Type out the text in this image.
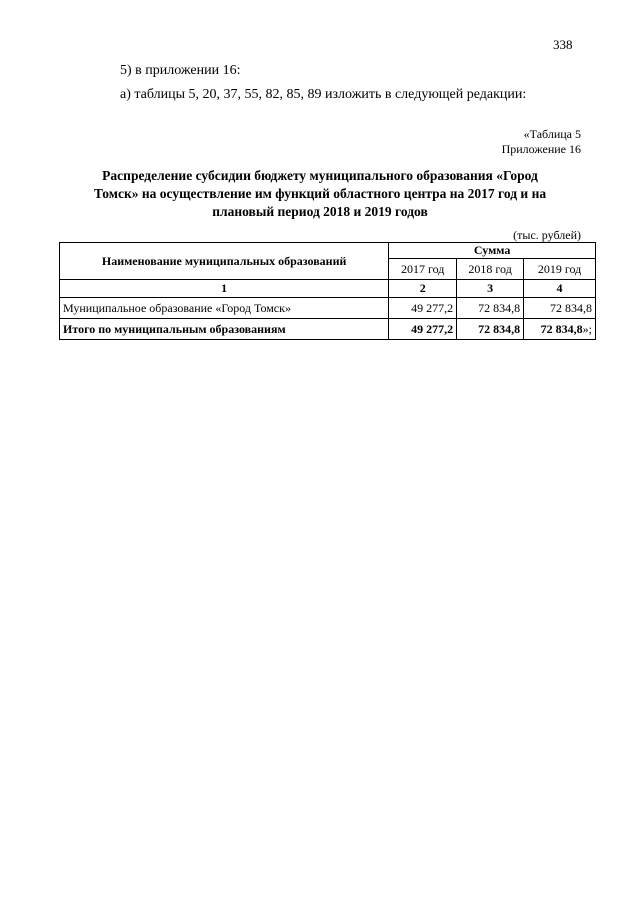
338
5) в приложении 16:
а) таблицы 5, 20, 37, 55, 82, 85, 89 изложить в следующей редакции:
«Таблица 5
Приложение 16
Распределение субсидии бюджету муниципального образования «Город
Томск» на осуществление им функций областного центра на 2017 год и на
плановый период 2018 и 2019 годов
(тыс. рублей)
Наименование муниципальных образований	Сумма		
	2017 год	2018 год	2019 год
1	2	3	4
Муниципальное образование «Город Томск»	49 277,2	72 834,8	72 834,8
Итого по муниципальным образованиям	49 277,2	72 834,8	72 834,8»;
